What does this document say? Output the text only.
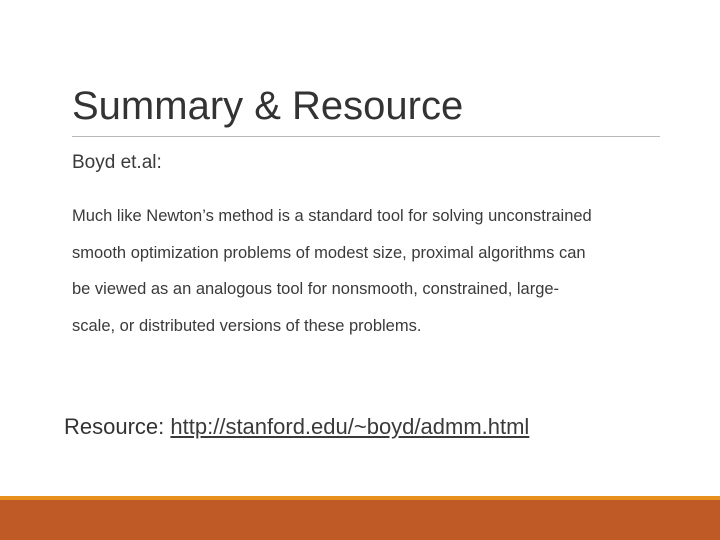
Summary & Resource

Boyd et.al:

Much like Newton’s method is a standard tool for solving unconstrained
smooth optimization problems of modest size, proximal algorithms can
be viewed as an analogous tool for nonsmooth, constrained, large-
scale, or distributed versions of these problems.

Resource: http://stanford.edu/~boyd/admm.html
